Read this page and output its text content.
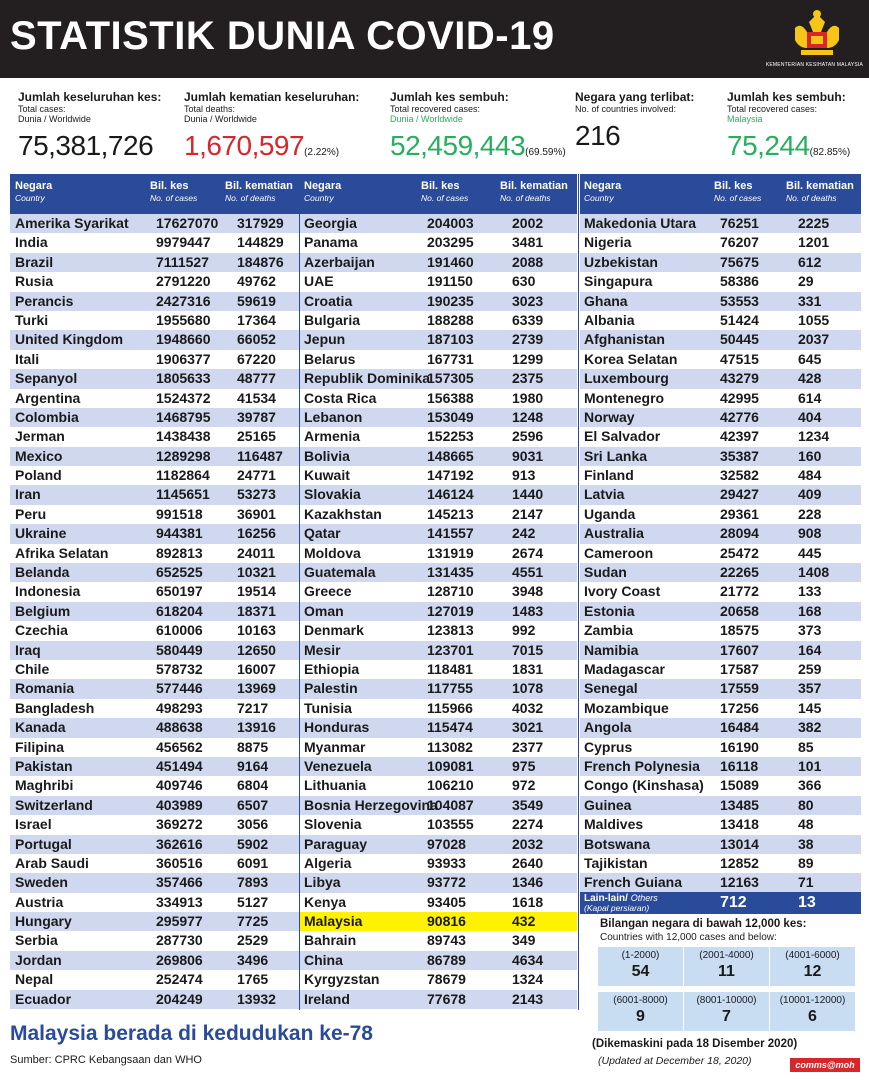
STATISTIK DUNIA COVID-19
KEMENTERIAN KESIHATAN MALAYSIA
Jumlah keseluruhan kes:
Total cases:
Dunia / Worldwide
75,381,726
Jumlah kematian keseluruhan:
Total deaths:
Dunia / Worldwide
1,670,597(2.22%)
Jumlah kes sembuh:
Total recovered cases:
Dunia / Worldwide
52,459,443(69.59%)
Negara yang terlibat:
No. of countries involved:
216
Jumlah kes sembuh:
Total recovered cases:
Malaysia
75,244(82.85%)
Negara
Country
Bil. kes
No. of cases
Bil. kematian
No. of deaths
Amerika Syarikat 17627070 317929
India	9979447 144829
Brazil	7111527 184876
Rusia	2791220 49762
Perancis	2427316 59619
Turki	1955680 17364
United Kingdom 1948660 66052
Itali	1906377 67220
Sepanyol	1805633 48777
Argentina	1524372 41534
Colombia	1468795 39787
Jerman	1438438 25165
Mexico	1289298 116487
Poland	1182864 24771
Iran	1145651 53273
Peru	991518 36901
Ukraine	944381 16256
Afrika Selatan	892813 24011
Belanda	652525 10321
Indonesia	650197 19514
Belgium	618204 18371
Czechia	610006 10163
Iraq	580449 12650
Chile	578732 16007
Romania	577446 13969
Bangladesh	498293 7217
Kanada	488638 13916
Filipina	456562 8875
Pakistan	451494 9164
Maghribi	409746 6804
Switzerland	403989 6507
Israel	369272 3056
Portugal	362616 5902
Arab Saudi	360516 6091
Sweden	357466 7893
Austria	334913 5127
Hungary	295977 7725
Serbia	287730 2529
Jordan	269806 3496
Nepal	252474 1765
Ecuador	204249 13932
Negara
Country
Bil. kes
No. of cases
Bil. kematian
No. of deaths
Georgia	204003	2002
Panama	203295	3481
Azerbaijan	191460	2088
UAE	191150	630
Croatia	190235	3023
Bulgaria	188288	6339
Jepun	187103	2739
Belarus	167731	1299
Republik Dominika
157305	2375
Costa Rica	156388	1980
Lebanon	153049	1248
Armenia	152253	2596
Bolivia	148665	9031
Kuwait	147192	913
Slovakia	146124	1440
Kazakhstan	145213	2147
Qatar	141557	242
Moldova	131919	2674
Guatemala	131435	4551
Greece	128710	3948
Oman	127019	1483
Denmark	123813	992
Mesir	123701	7015
Ethiopia	118481	1831
Palestin	117755	1078
Tunisia	115966	4032
Honduras	115474	3021
Myanmar	113082	2377
Venezuela	109081	975
Lithuania	106210	972
Bosnia Herzegovina
104087	3549
Slovenia	103555	2274
Paraguay	97028	2032
Algeria	93933	2640
Libya	93772	1346
Kenya	93405	1618
Malaysia	90816	432
Bahrain	89743	349
China	86789	4634
Kyrgyzstan	78679	1324
Ireland	77678	2143
Negara
Country
Bil. kes
No. of cases
Bil. kematian
No. of deaths
Makedonia Utara 76251	2225
Nigeria	76207	1201
Uzbekistan	75675	612
Singapura	58386	29
Ghana	53553	331
Albania	51424	1055
Afghanistan	50445	2037
Korea Selatan	47515	645
Luxembourg	43279	428
Montenegro	42995	614
Norway	42776	404
El Salvador	42397	1234
Sri Lanka	35387	160
Finland	32582	484
Latvia	29427	409
Uganda	29361	228
Australia	28094	908
Cameroon	25472	445
Sudan	22265	1408
Ivory Coast	21772	133
Estonia	20658	168
Zambia	18575	373
Namibia	17607	164
Madagascar	17587	259
Senegal	17559	357
Mozambique	17256	145
Angola	16484	382
Cyprus	16190	85
French Polynesia 16118	101
Congo (Kinshasa) 15089	366
Guinea	13485	80
Maldives	13418	48
Botswana	13014	38
Tajikistan	12852	89
French Guiana	12163	71
Lain-lain/ Others
(Kapal persiaran)	712	13
Bilangan negara di bawah 12,000 kes:
Countries with 12,000 cases and below:
(1-2000)
54
(2001-4000)
11
(4001-6000)
12
(6001-8000)
9
(8001-10000)
7
(10001-12000)
6
(Dikemaskini pada 18 Disember 2020)
(Updated at December 18, 2020)	comms@moh
Malaysia berada di kedudukan ke-78
Sumber: CPRC Kebangsaan dan WHO
